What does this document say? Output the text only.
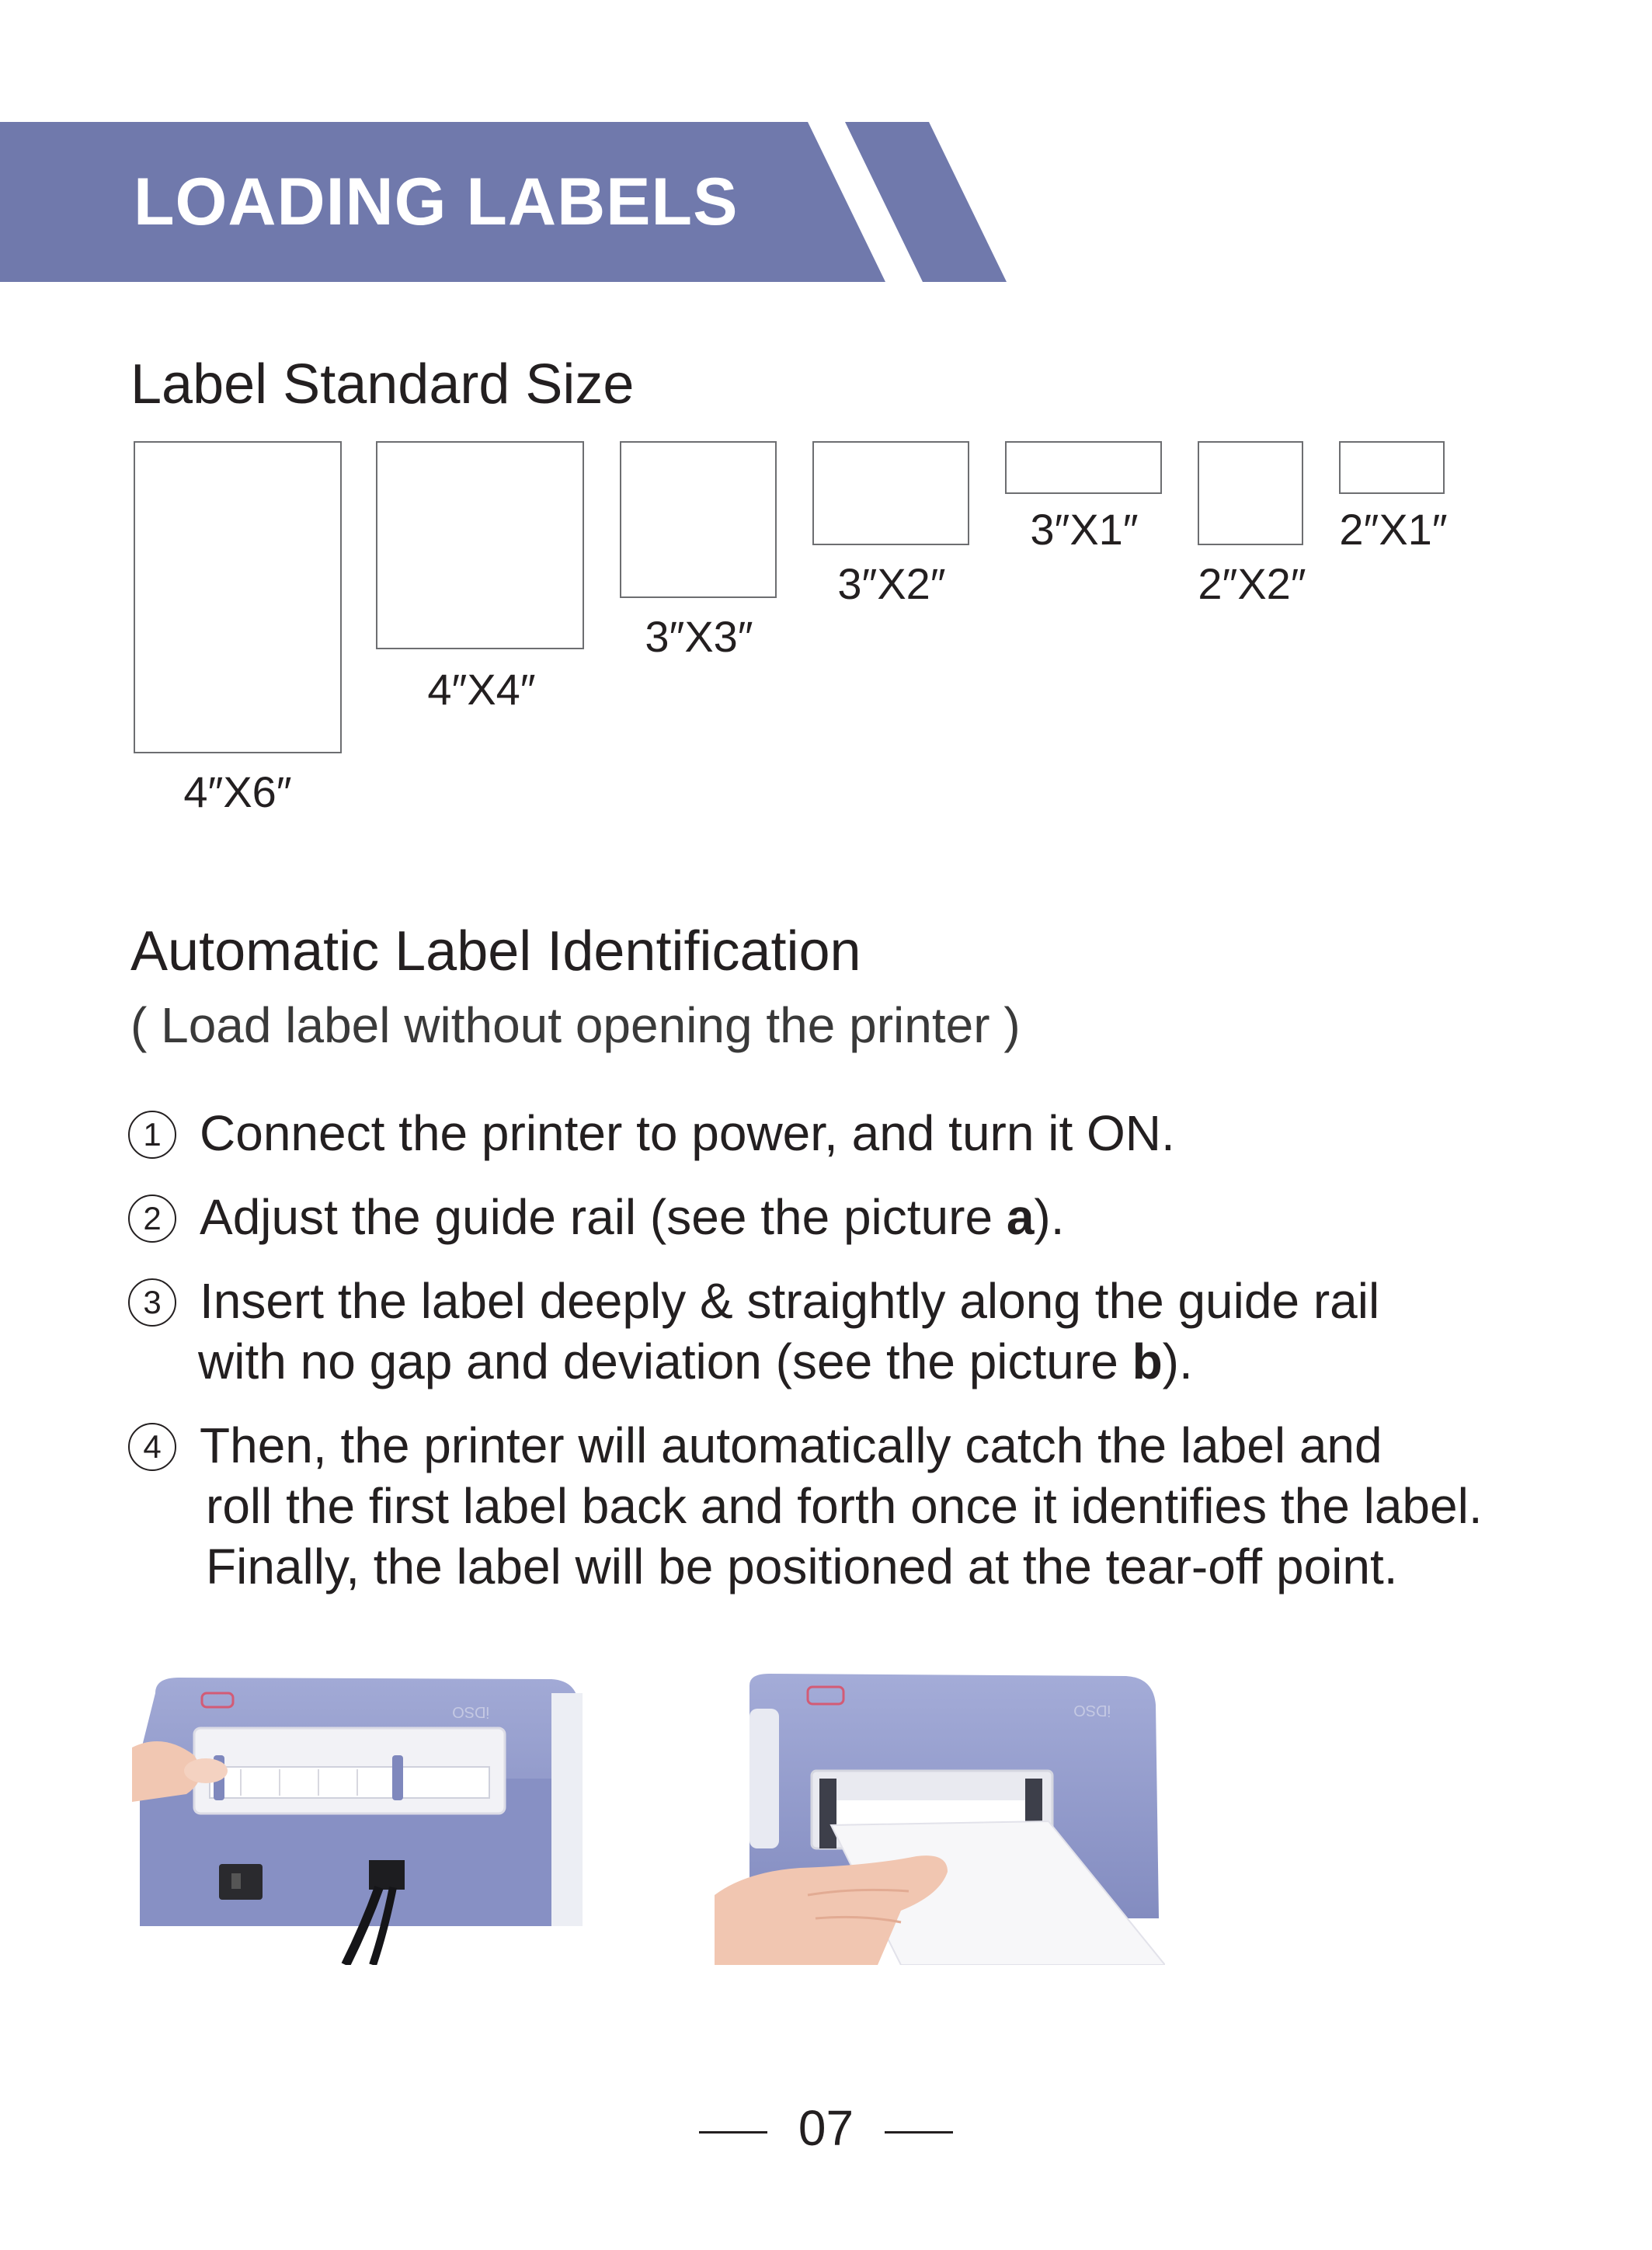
LOADING LABELS
Label Standard Size
4″X6″
4″X4″
3″X3″
3″X2″
3″X1″
2″X2″
2″X1″
Automatic Label Identification

( Load label without opening the printer )

1 Connect the printer to power, and turn it ON.
2 Adjust the guide rail (see the picture a).
3 Insert the label deeply & straightly along the guide rail
with no gap and deviation (see the picture b).
4 Then, the printer will automatically catch the label and
roll the first label back and forth once it identifies the label.
Finally, the label will be positioned at the tear-off point.
iDSO	iDSO
07
